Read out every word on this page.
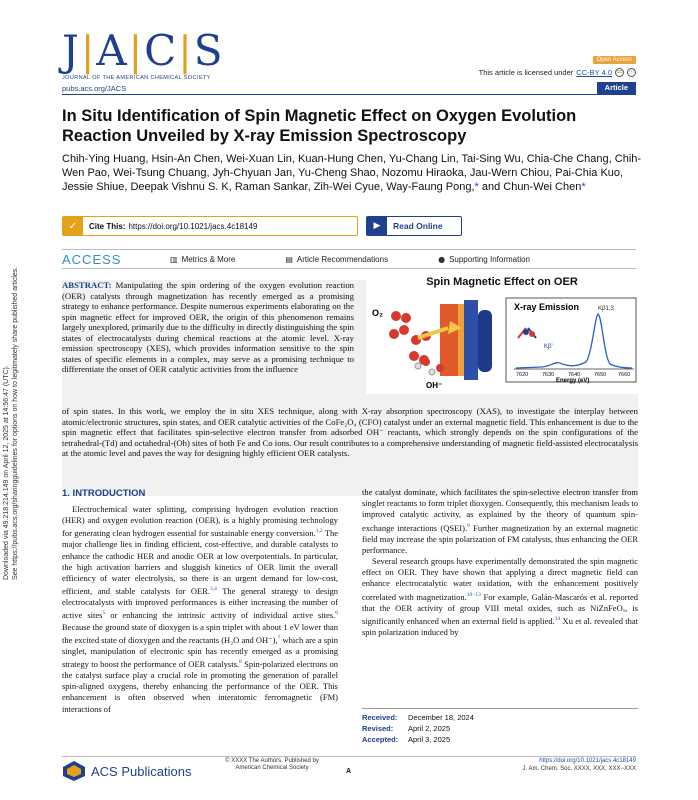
Downloaded via 49.218.214.149 on April 12, 2025 at 14:56:47 (UTC). See https://pubs.acs.org/sharingguidelines for options on how to legitimately share published articles.
J|A|C|S
JOURNAL OF THE AMERICAN CHEMICAL SOCIETY
pubs.acs.org/JACS
Open Access
This article is licensed under CC-BY 4.0	cc	ⓘ
Article
In Situ Identification of Spin Magnetic Effect on Oxygen Evolution Reaction Unveiled by X-ray Emission Spectroscopy
Chih-Ying Huang, Hsin-An Chen, Wei-Xuan Lin, Kuan-Hung Chen, Yu-Chang Lin, Tai-Sing Wu, Chia-Che Chang, Chih-Wen Pao, Wei-Tsung Chuang, Jyh-Chyuan Jan, Yu-Cheng Shao, Nozomu Hiraoka, Jau-Wern Chiou, Pai-Chia Kuo, Jessie Shiue, Deepak Vishnu S. K, Raman Sankar, Zih-Wei Cyue, Way-Faung Pong,* and Chun-Wei Chen*
✓	Cite This: https://doi.org/10.1021/jacs.4c18149	▶	Read Online
ACCESS	▥ Metrics & More	▤ Article Recommendations	● Supporting Information
ABSTRACT: Manipulating the spin ordering of the oxygen evolution reaction (OER) catalysts through magnetization has recently emerged as a promising strategy to enhance performance. Despite numerous experiments elaborating on the spin magnetic effect for improved OER, the origin of this phenomenon remains largely unexplored, primarily due to the difficulty in directly distinguishing the spin states of electrocatalysts during chemical reactions at the atomic level. X-ray emission spectroscopy (XES), which provides information sensitive to the spin states of specific elements in a complex, may serve as a promising technique to differentiate the onset of OER catalytic activities from the influence
of spin states. In this work, we employ the in situ XES technique, along with X-ray absorption spectroscopy (XAS), to investigate the interplay between atomic/electronic structures, spin states, and OER catalytic activities of the CoFe₂O₄ (CFO) catalyst under an external magnetic field. This enhancement is due to the spin magnetic effect that facilitates spin-selective electron transfer from adsorbed OH⁻ reactants, which strongly depends on the spin configurations of the tetrahedral-(Td) and octahedral-(Oh) sites of both Fe and Co ions. Our result contributes to a comprehensive understanding of magnetic field-assisted electrocatalysis at the atomic level and paves the way for designing highly efficient OER catalysts.
Spin Magnetic Effect on OER
O₂
OH⁻
X-ray Emission	Kβ1,3
Kβ'
7620	7630	7640	7650 7660
Energy (eV)
1. INTRODUCTION

Electrochemical water splitting, comprising hydrogen evolution reaction (HER) and oxygen evolution reaction (OER), is a highly promising technology for generating clean hydrogen essential for sustainable energy conversion.$^{1,2}$ The major challenge lies in finding efficient, cost-effective, and durable catalysts to enhance the cathodic HER and anodic OER at low overpotentials. In particular, the high activation barriers and sluggish kinetics of OER limit the overall efficiency of water electrolysis, so there is an urgent demand for low-cost, efficient, and stable catalysts for OER.$^{3,4}$ The general strategy to design electrocatalysts with improved performances is either increasing the number of active sites$^5$ or enhancing the intrinsic activity of individual active sites.$^6$ Because the ground state of dioxygen is a spin triplet with about 1 eV lower than the excited state of dioxygen and the reactants (H₂O and OH⁻),$^7$ which are a spin singlet, manipulation of electronic spin has recently emerged as a promising strategy to boost the performance of OER catalysts.$^8$ Spin-polarized electrons on the catalyst surface play a crucial role in promoting the generation of parallel spin-aligned oxygens, thereby enhancing the performance of the OER. This enhancement is often observed when interatomic ferromagnetic (FM) interactions of

the catalyst dominate, which facilitates the spin-selective electron transfer from singlet reactants to form triplet dioxygen. Consequently, this mechanism leads to improved catalytic activity, as explained by the theory of quantum spin-exchange interactions (QSEI).$^9$ Further magnetization by an external magnetic field may increase the spin polarization of FM catalysts, thus enhancing the OER performance.

Several research groups have experimentally demonstrated the spin magnetic effect on OER. They have shown that applying a direct magnetic field can enhance electrocatalytic water oxidation, with the enhancement positively correlated with magnetization.$^{10-13}$ For example, Galán-Mascarós et al. reported that the OER activity of group VIII metal oxides, such as NiZnFeOₓ, is significantly enhanced when an external field is applied.$^{14}$ Xu et al. revealed that spin polarization induced by

Received:	December 18, 2024
Revised:	April 2, 2025
Accepted:	April 3, 2025
ACS Publications
© XXXX The Authors. Published by
American Chemical Society	A
https://doi.org/10.1021/jacs.4c18149
J. Am. Chem. Soc. XXXX, XXX, XXX−XXX
